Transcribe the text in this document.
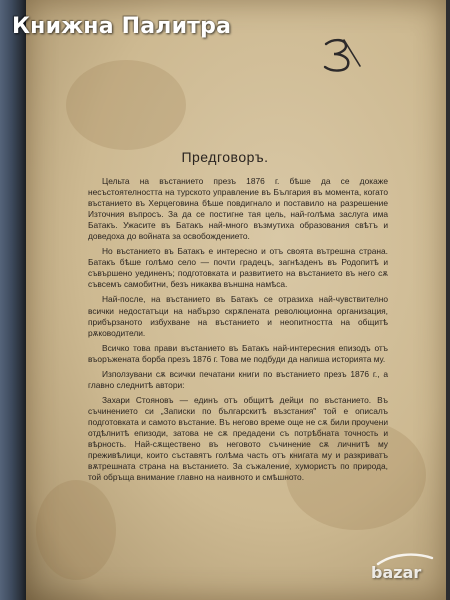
Книжна Палитра
Предговоръ.

Цельта на въстанието презъ 1876 г. бѣше да се докаже несъстоятелността на турското управление въ България въ момента, когато въстанието въ Херцеговина бѣше повдигнало и поставило на разрешение Източния въпросъ. За да се постигне тая цель, най-голѣма заслуга има Батакъ. Ужасите въ Батакъ най-много възмутиха образования свѣтъ и доведоха до войната за освобождението.

Но въстанието въ Батакъ е интересно и отъ своята вътрешна страна. Батакъ бѣше голѣмо село — почти градецъ, загнѣзденъ въ Родопитѣ и съвършено уединенъ; подготовката и развитието на въстанието въ него сѫ съвсемъ самобитни, безъ никаква външна намѣса.

Най-после, на въстанието въ Батакъ се отразиха най-чувствително всички недостатъци на набързо скрѫпената революционна организация, прибързаното избухване на въстанието и неопитността на общитѣ рѫководители.

Всичко това прави въстанието въ Батакъ най-интересния епизодъ отъ въоръжената борба презъ 1876 г. Това ме подбуди да напиша историята му.

Използувани сѫ всички печатани книги по въстанието презъ 1876 г., а главно следнитѣ автори:

Захари Стояновъ — единъ отъ общитѣ дейци по въстанието. Въ съчинението си „Записки по българскитѣ възстания" той е описалъ подготовката и самото въстание. Въ негово време още не сѫ били проучени отдѣлнитѣ епизоди, затова не сѫ предадени съ потрѣбната точность и вѣрность. Най-сѫществено въ неговото съчинение сѫ личнитѣ му преживѣлици, които съставятъ голѣма часть отъ книгата му и разкриватъ вѫтрешната страна на въстанието. За съжаление, хумористъ по природа, той обръща внимание главно на наивното и смѣшното.

bazar
